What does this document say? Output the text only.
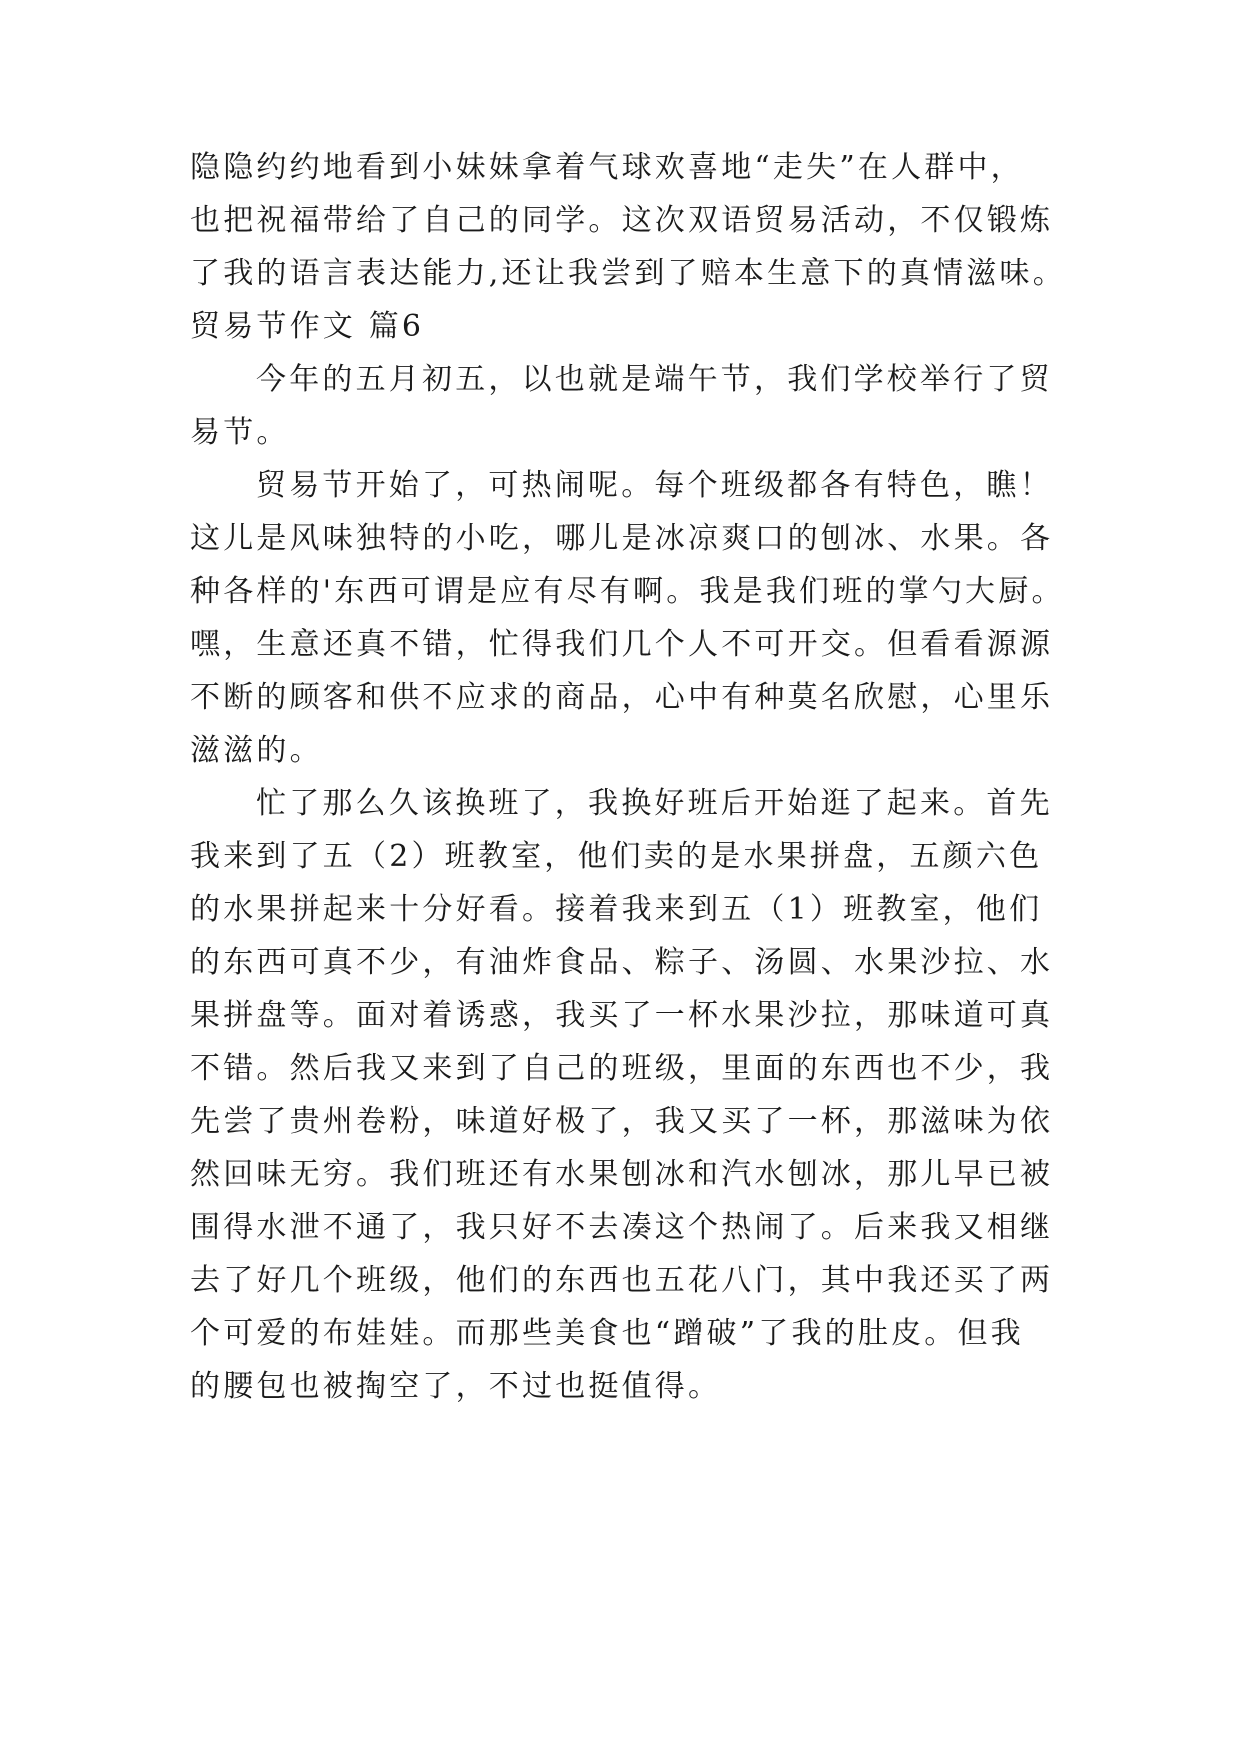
隐隐约约地看到小妹妹拿着气球欢喜地“走失”在人群中，
也把祝福带给了自己的同学。这次双语贸易活动，不仅锻炼
了我的语言表达能力,还让我尝到了赔本生意下的真情滋味。
贸易节作文 篇6
今年的五月初五，以也就是端午节，我们学校举行了贸
易节。
贸易节开始了，可热闹呢。每个班级都各有特色，瞧！
这儿是风味独特的小吃，哪儿是冰凉爽口的刨冰、水果。各
种各样的'东西可谓是应有尽有啊。我是我们班的掌勺大厨。
嘿，生意还真不错，忙得我们几个人不可开交。但看看源源
不断的顾客和供不应求的商品，心中有种莫名欣慰，心里乐
滋滋的。
忙了那么久该换班了，我换好班后开始逛了起来。首先
我来到了五（2）班教室，他们卖的是水果拼盘，五颜六色
的水果拼起来十分好看。接着我来到五（1）班教室，他们
的东西可真不少，有油炸食品、粽子、汤圆、水果沙拉、水
果拼盘等。面对着诱惑，我买了一杯水果沙拉，那味道可真
不错。然后我又来到了自己的班级，里面的东西也不少，我
先尝了贵州卷粉，味道好极了，我又买了一杯，那滋味为依
然回味无穷。我们班还有水果刨冰和汽水刨冰，那儿早已被
围得水泄不通了，我只好不去凑这个热闹了。后来我又相继
去了好几个班级，他们的东西也五花八门，其中我还买了两
个可爱的布娃娃。而那些美食也“蹭破”了我的肚皮。但我
的腰包也被掏空了，不过也挺值得。
